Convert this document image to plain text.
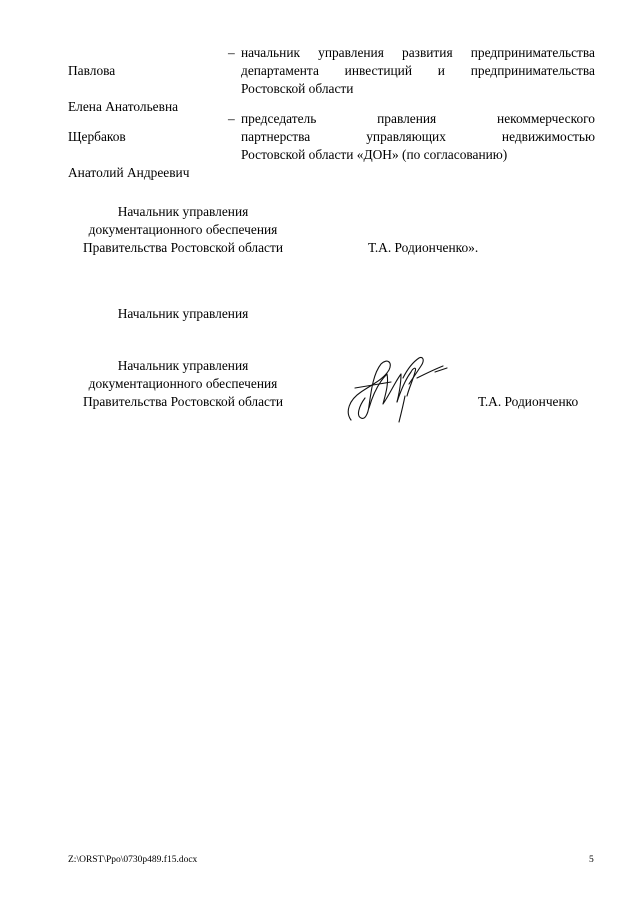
Павлова

Елена Анатольевна

– начальник управления развития предпринимательства
департамента инвестиций и предпринимательства
Ростовской области

Щербаков

Анатолий Андреевич

– председатель правления некоммерческого
партнерства управляющих недвижимостью
Ростовской области «ДОН» (по согласованию)
Начальник управления
документационного обеспечения
Правительства Ростовской области	Т.А. Родионченко».
Начальник управления
Начальник управления
документационного обеспечения
Правительства Ростовской области	Т.А. Родионченко
Z:\ORST\Ppo\0730p489.f15.docx	5
